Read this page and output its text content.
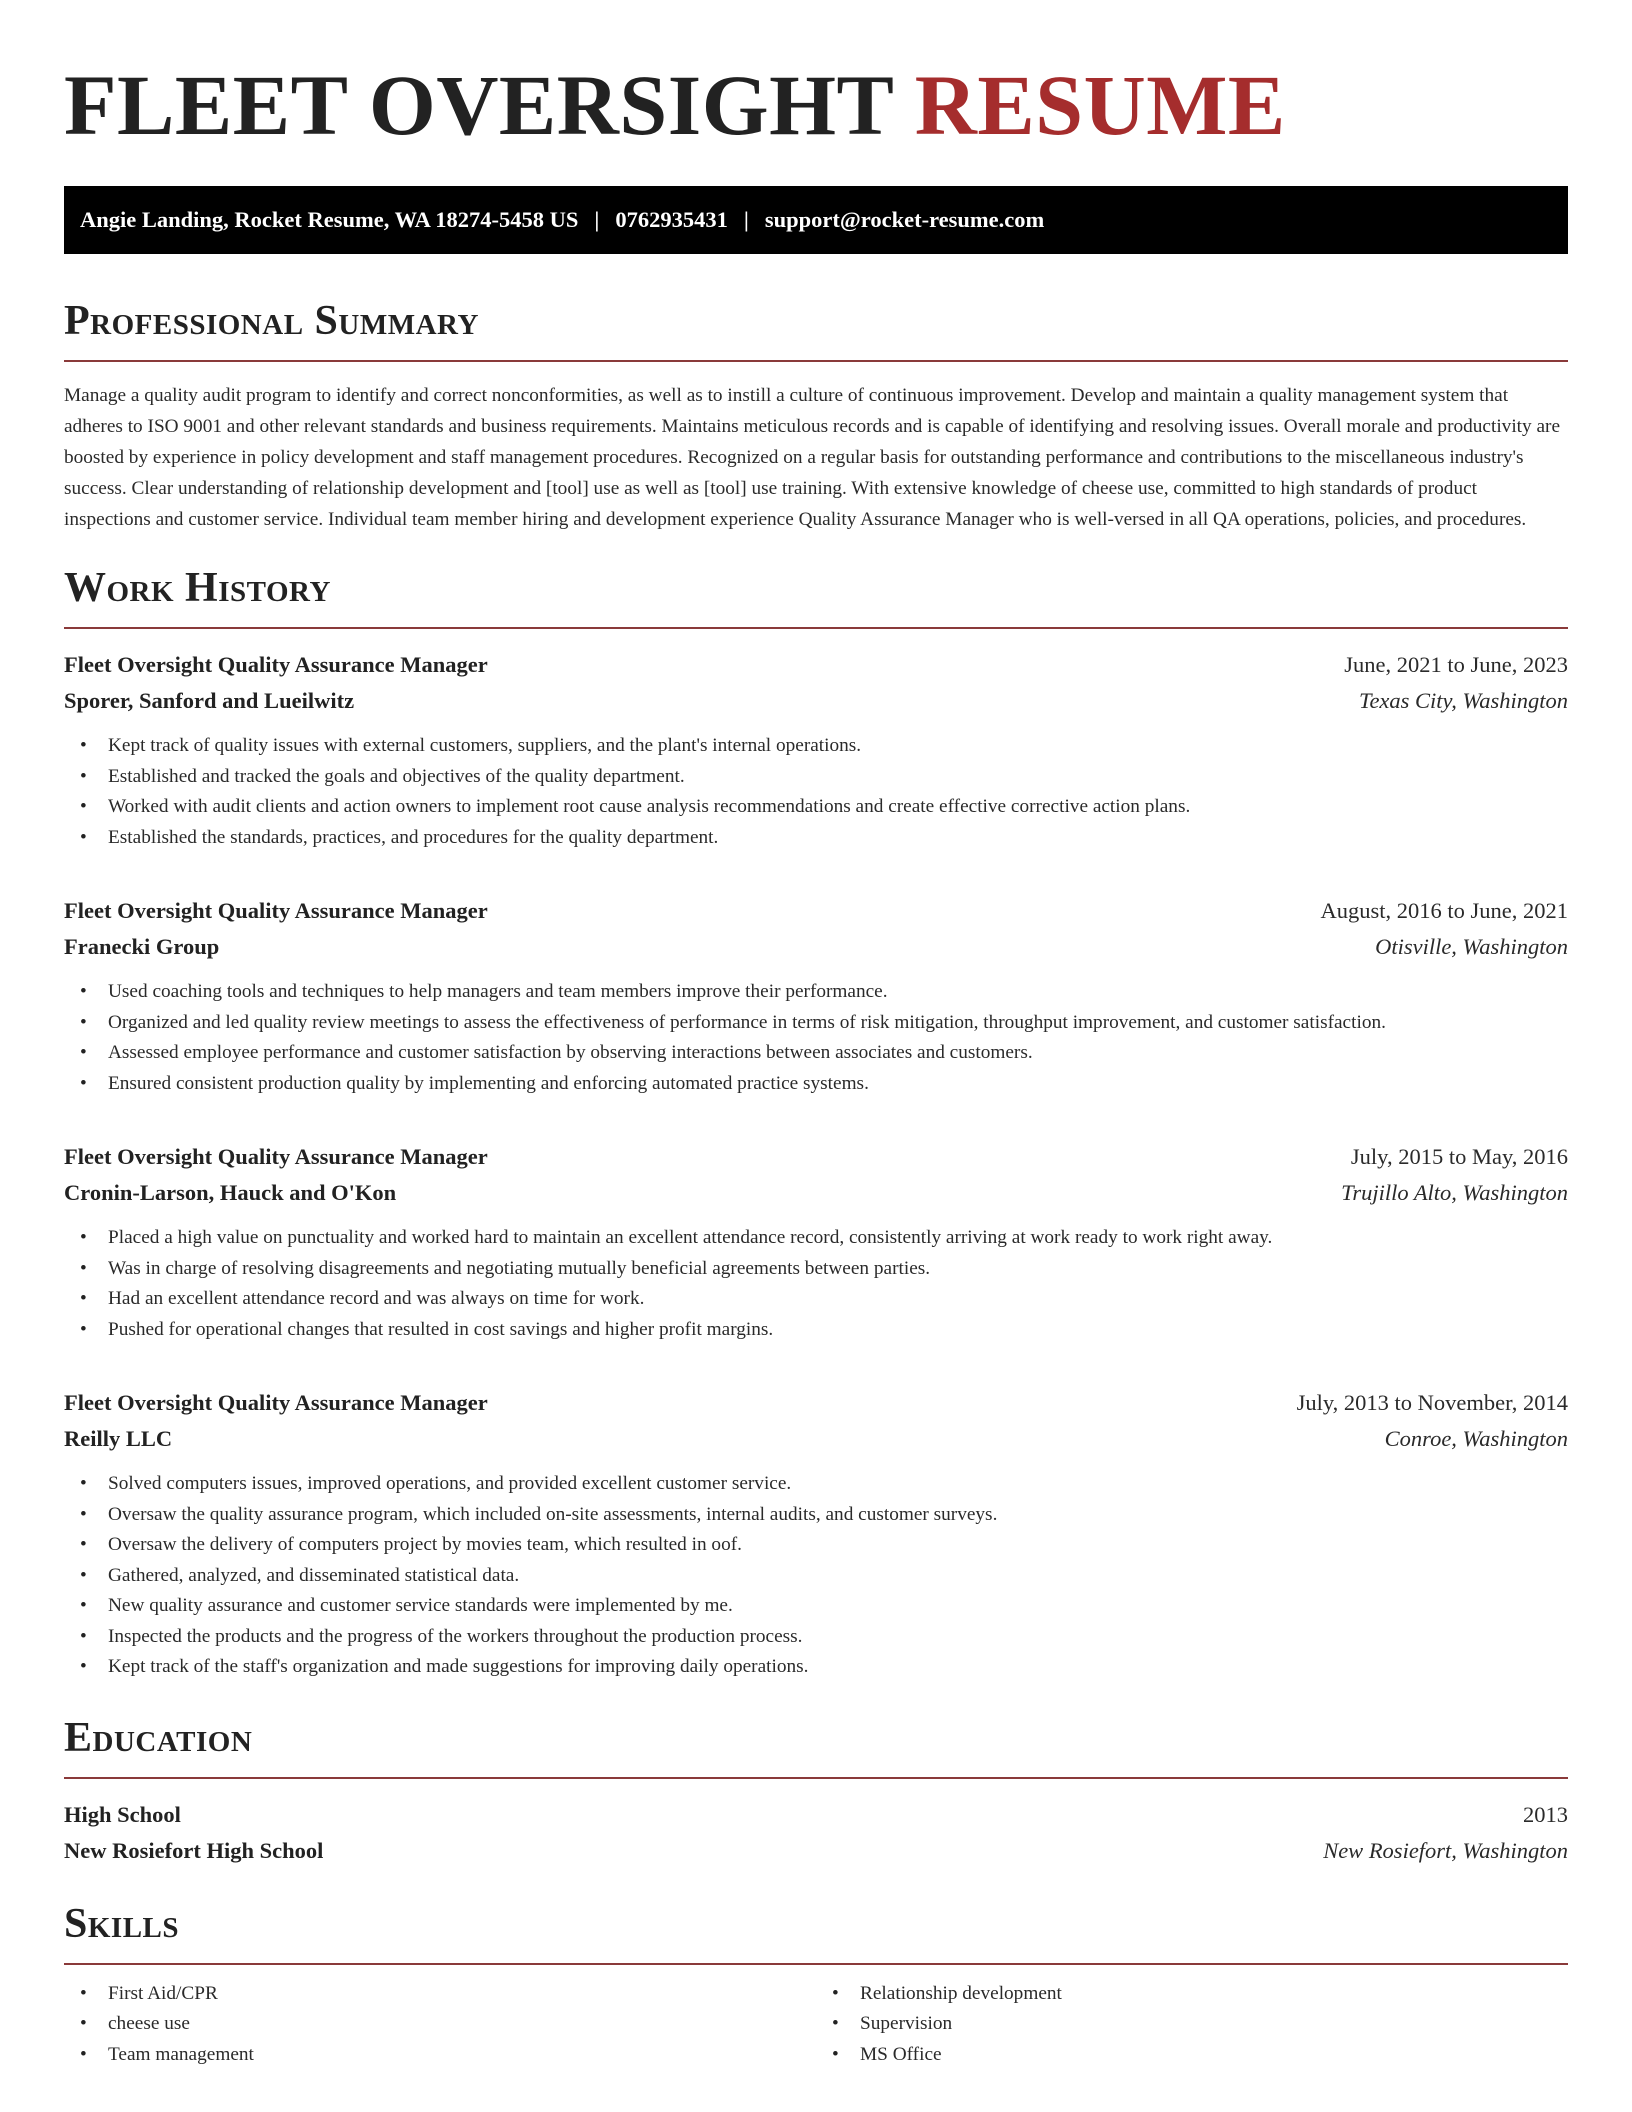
FLEET OVERSIGHT RESUME
Angie Landing, Rocket Resume, WA 18274-5458 US | 0762935431 | support@rocket-resume.com
Professional Summary

Manage a quality audit program to identify and correct nonconformities, as well as to instill a culture of continuous improvement. Develop and maintain a quality management system that adheres to ISO 9001 and other relevant standards and business requirements. Maintains meticulous records and is capable of identifying and resolving issues. Overall morale and productivity are boosted by experience in policy development and staff management procedures. Recognized on a regular basis for outstanding performance and contributions to the miscellaneous industry's success. Clear understanding of relationship development and [tool] use as well as [tool] use training. With extensive knowledge of cheese use, committed to high standards of product inspections and customer service. Individual team member hiring and development experience Quality Assurance Manager who is well-versed in all QA operations, policies, and procedures.

Work History
Fleet Oversight Quality Assurance Manager	June, 2021 to June, 2023
Sporer, Sanford and Lueilwitz	Texas City, Washington
• Kept track of quality issues with external customers, suppliers, and the plant's internal operations.
• Established and tracked the goals and objectives of the quality department.
• Worked with audit clients and action owners to implement root cause analysis recommendations and create effective corrective action plans.
• Established the standards, practices, and procedures for the quality department.
Fleet Oversight Quality Assurance Manager	August, 2016 to June, 2021
Franecki Group	Otisville, Washington
• Used coaching tools and techniques to help managers and team members improve their performance.
• Organized and led quality review meetings to assess the effectiveness of performance in terms of risk mitigation, throughput improvement, and customer satisfaction.
• Assessed employee performance and customer satisfaction by observing interactions between associates and customers.
• Ensured consistent production quality by implementing and enforcing automated practice systems.
Fleet Oversight Quality Assurance Manager	July, 2015 to May, 2016
Cronin-Larson, Hauck and O'Kon	Trujillo Alto, Washington
• Placed a high value on punctuality and worked hard to maintain an excellent attendance record, consistently arriving at work ready to work right away.
• Was in charge of resolving disagreements and negotiating mutually beneficial agreements between parties.
• Had an excellent attendance record and was always on time for work.
• Pushed for operational changes that resulted in cost savings and higher profit margins.
Fleet Oversight Quality Assurance Manager	July, 2013 to November, 2014
Reilly LLC	Conroe, Washington
• Solved computers issues, improved operations, and provided excellent customer service.
• Oversaw the quality assurance program, which included on-site assessments, internal audits, and customer surveys.
• Oversaw the delivery of computers project by movies team, which resulted in oof.
• Gathered, analyzed, and disseminated statistical data.
• New quality assurance and customer service standards were implemented by me.
• Inspected the products and the progress of the workers throughout the production process.
• Kept track of the staff's organization and made suggestions for improving daily operations.
Education
High School	2013
New Rosiefort High School	New Rosiefort, Washington
Skills
• First Aid/CPR
• cheese use
• Team management
• Relationship development
• Supervision
• MS Office
